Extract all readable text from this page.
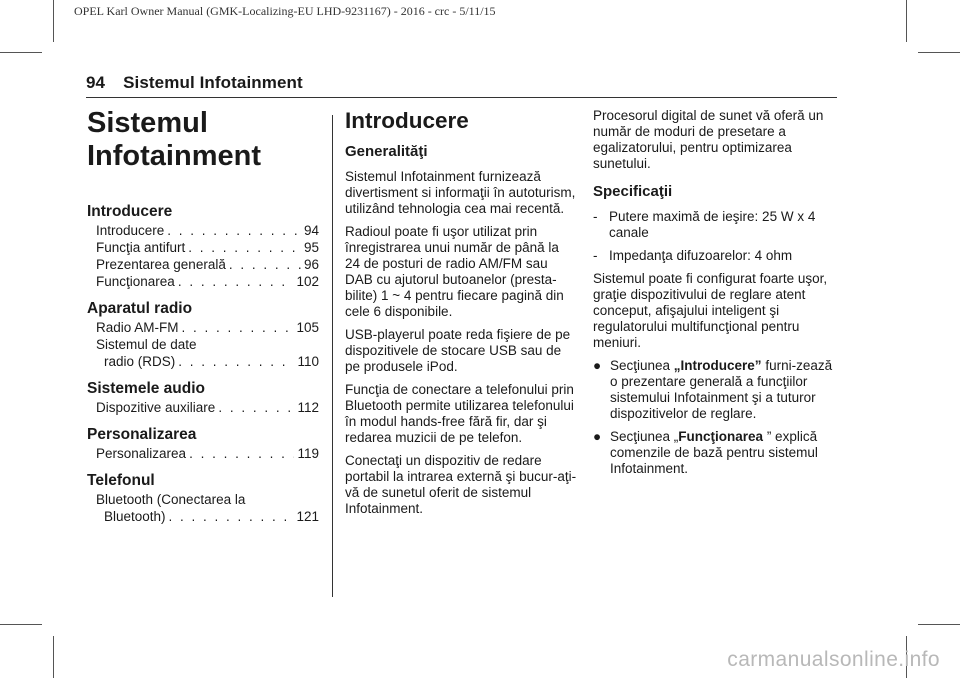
OPEL Karl Owner Manual (GMK-Localizing-EU LHD-9231167) - 2016 - crc - 5/11/15
94 Sistemul Infotainment
Sistemul
Infotainment
Introducere
Introducere . . .	94
Funcţia antifurt . . .	95
Prezentarea generală . . .	96
Funcţionarea . . .	102
Aparatul radio
Radio AM-FM . . .	105
Sistemul de date
radio (RDS) . . .	110
Sistemele audio
Dispozitive auxiliare . . .	112
Personalizarea
Personalizarea . . .	119
Telefonul
Bluetooth (Conectarea la
Bluetooth) . . .	121
Introducere
Generalităţi

Sistemul Infotainment furnizează divertisment si informaţii în autoturism, utilizând tehnologia cea mai recentă.

Radioul poate fi uşor utilizat prin înregistrarea unui număr de până la 24 de posturi de radio AM/FM sau DAB cu ajutorul butoanelor (presta-bilite) 1 ~ 4 pentru fiecare pagină din cele 6 disponibile.

USB-playerul poate reda fişiere de pe dispozitivele de stocare USB sau de pe produsele iPod.

Funcţia de conectare a telefonului prin Bluetooth permite utilizarea telefonului în modul hands-free fără fir, dar şi redarea muzicii de pe telefon.

Conectaţi un dispozitiv de redare portabil la intrarea externă şi bucur-aţi-vă de sunetul oferit de sistemul Infotainment.

Procesorul digital de sunet vă oferă un număr de moduri de presetare a egalizatorului, pentru optimizarea sunetului.

Specificaţii
- Putere maximă de ieşire: 25 W x 4 canale
- Impedanţa difuzoarelor: 4 ohm

Sistemul poate fi configurat foarte uşor, graţie dispozitivului de reglare atent conceput, afişajului inteligent şi regulatorului multifuncţional pentru meniuri.

● Secţiunea „Introducere” furni-zează o prezentare generală a funcţiilor sistemului Infotainment şi a tuturor dispozitivelor de reglare.
● Secţiunea „Funcţionarea ” explică comenzile de bază pentru sistemul Infotainment.
carmanualsonline.info
